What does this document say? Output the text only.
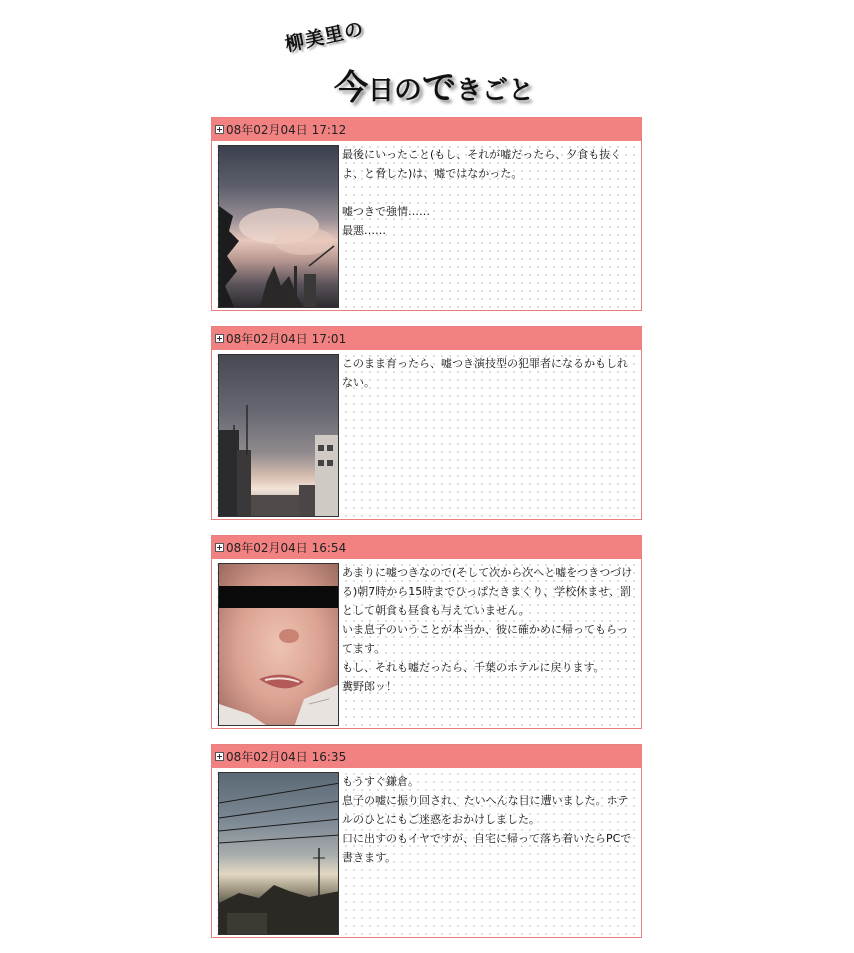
柳美里の
今日のできごと
08年02月04日 17:12

最後にいったこと(もし、それが嘘だったら、夕食も抜くよ、と脅した)は、嘘ではなかった。

嘘つきで強情……

最悪……

08年02月04日 17:01

このまま育ったら、嘘つき演技型の犯罪者になるかもしれない。

08年02月04日 16:54

あまりに嘘つきなので(そして次から次へと嘘をつきつづける)朝7時から15時までひっぱたきまくり、学校休ませ、罰として朝食も昼食も与えていません。

いま息子のいうことが本当か、彼に確かめに帰ってもらってます。

もし、それも嘘だったら、千葉のホテルに戻ります。

糞野郎ッ！

08年02月04日 16:35

もうすぐ鎌倉。

息子の嘘に振り回され、たいへんな目に遭いました。ホテルのひとにもご迷惑をおかけしました。

口に出すのもイヤですが、自宅に帰って落ち着いたらPCで書きます。
